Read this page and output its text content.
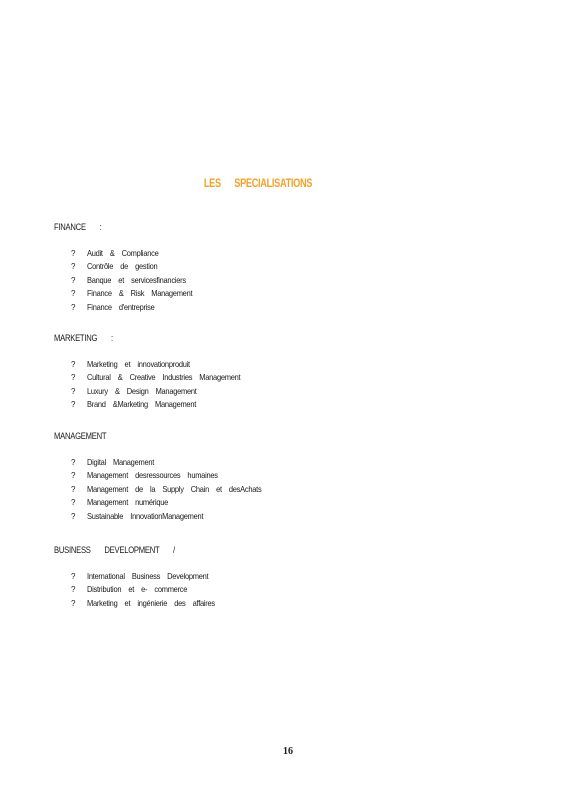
LES SPECIALISATIONS
FINANCE :
? Audit & Compliance
? Contrôle de gestion
? Banque et servicesfinanciers
? Finance & Risk Management
? Finance d'entreprise
MARKETING :
? Marketing et innovationproduit
? Cultural & Creative Industries Management
? Luxury & Design Management
? Brand &Marketing Management
MANAGEMENT
? Digital Management
? Management desressources humaines
? Management de la Supply Chain et desAchats
? Management numérique
? Sustainable InnovationManagement
BUSINESS DEVELOPMENT /
? International Business Development
? Distribution et e- commerce
? Marketing et ingénierie des affaires
16
